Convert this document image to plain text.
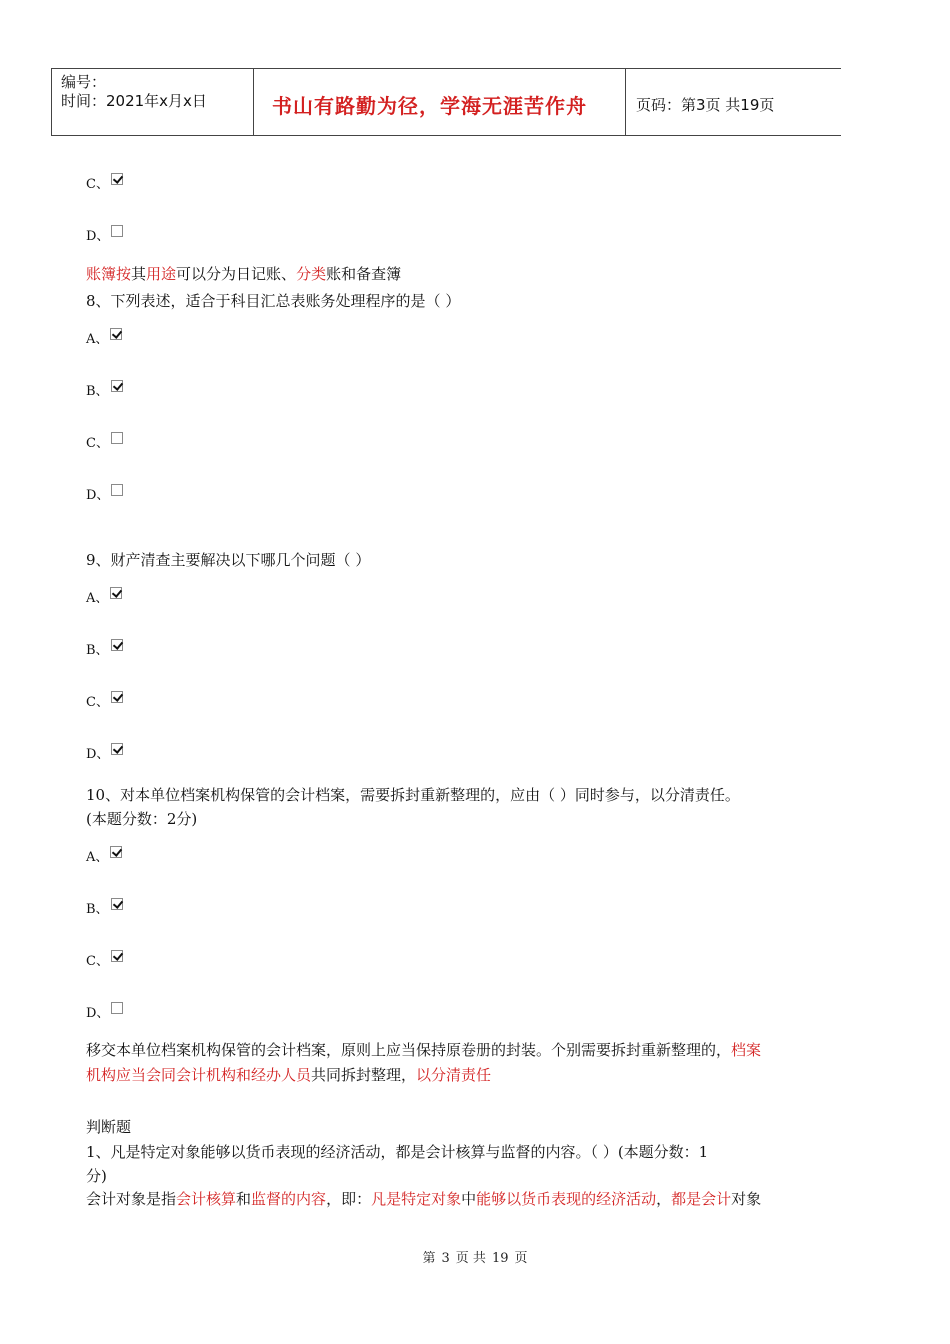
编号：
时间：2021年x月x日	书山有路勤为径，学海无涯苦作舟	页码：第3页 共19页
C、
D、
账簿按其用途可以分为日记账、分类账和备查簿
8、下列表述，适合于科目汇总表账务处理程序的是（ ）
A、
B、
C、
D、
9、财产清查主要解决以下哪几个问题（ ）
A、
B、
C、
D、
10、对本单位档案机构保管的会计档案，需要拆封重新整理的，应由（ ）同时参与，以分清责任。
(本题分数：2分)
A、
B、
C、
D、
移交本单位档案机构保管的会计档案，原则上应当保持原卷册的封装。个别需要拆封重新整理的，档案
机构应当会同会计机构和经办人员共同拆封整理，以分清责任
判断题
1、凡是特定对象能够以货币表现的经济活动，都是会计核算与监督的内容。（ ）(本题分数：1
分)
会计对象是指会计核算和监督的内容，即：凡是特定对象中能够以货币表现的经济活动，都是会计对象
第 3 页 共 19 页
